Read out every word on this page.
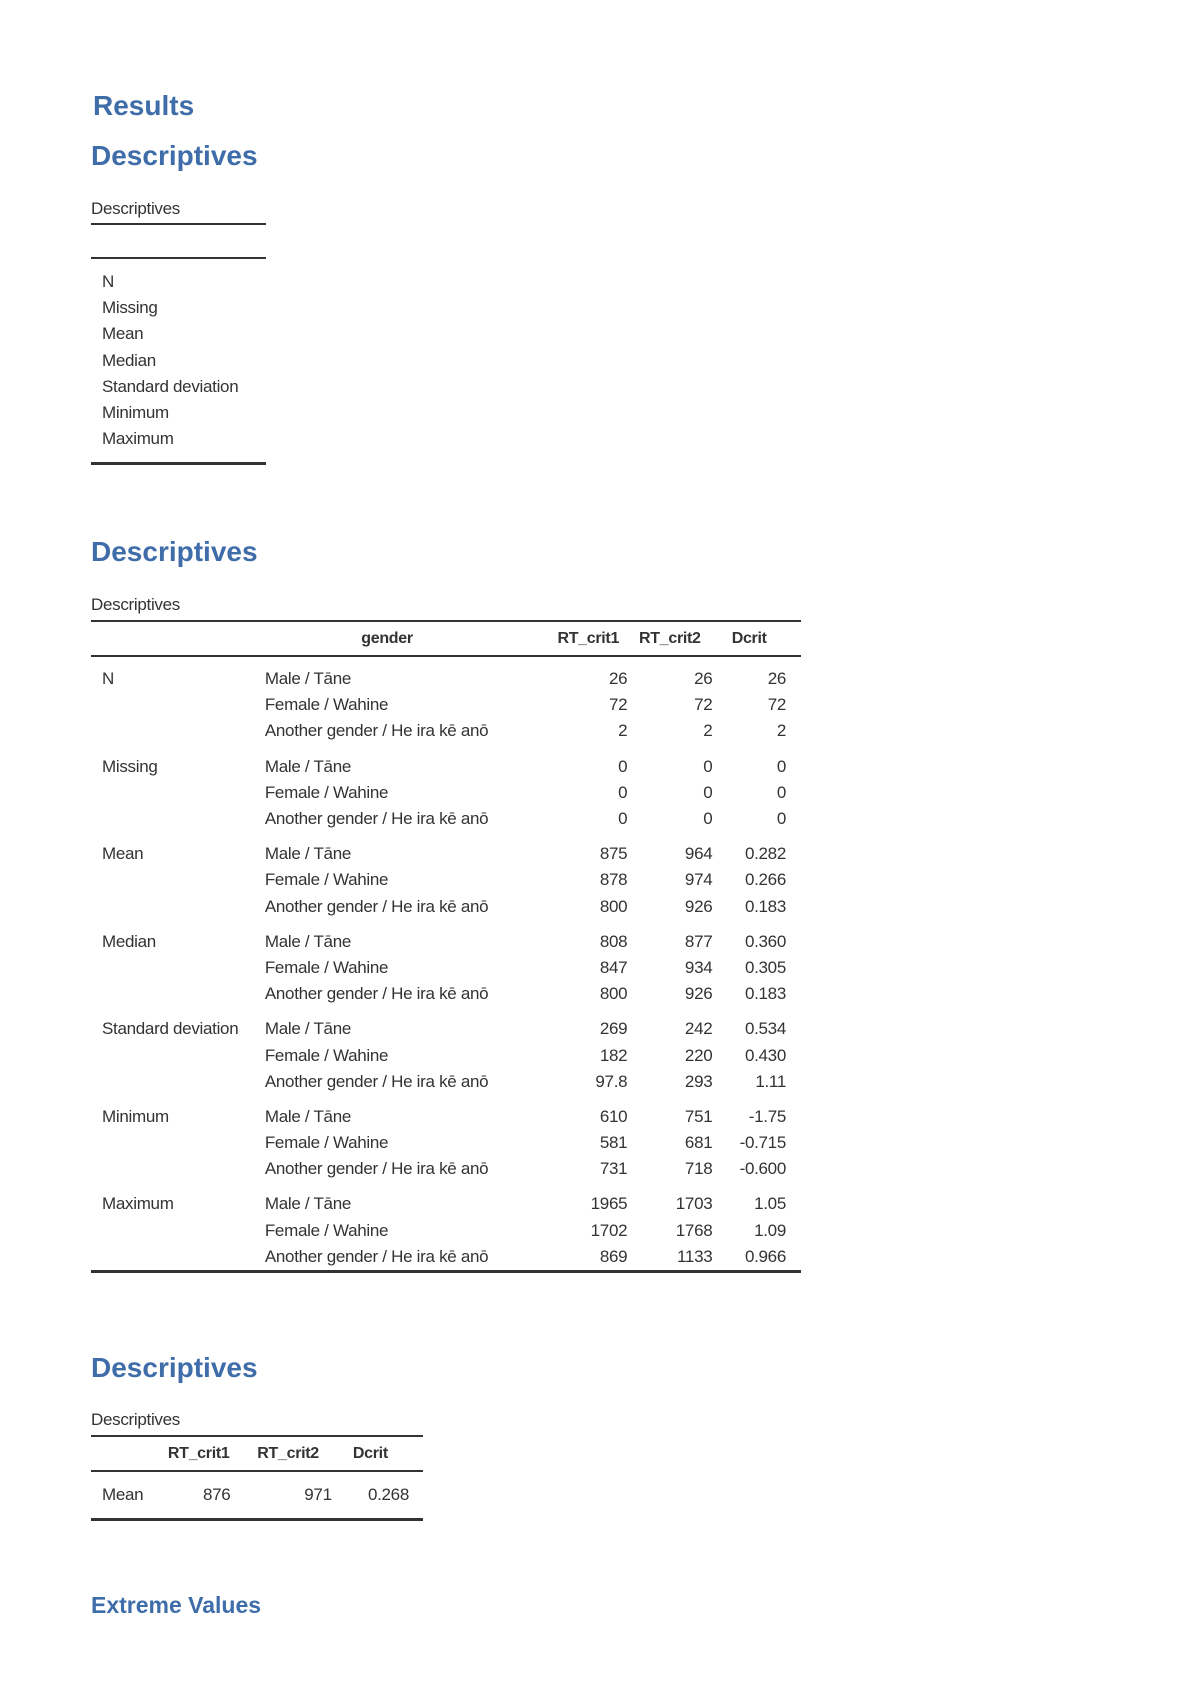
Results
Descriptives
Descriptives

N
Missing
Mean
Median
Standard deviation
Minimum
Maximum
Descriptives
Descriptives
	gender	RT_crit1	RT_crit2	Dcrit
N	Male / Tāne	26	26	26
	Female / Wahine	72	72	72
	Another gender / He ira kē anō	2	2	2
Missing	Male / Tāne	0	0	0
	Female / Wahine	0	0	0
	Another gender / He ira kē anō	0	0	0
Mean	Male / Tāne	875	964	0.282
	Female / Wahine	878	974	0.266
	Another gender / He ira kē anō	800	926	0.183
Median	Male / Tāne	808	877	0.360
	Female / Wahine	847	934	0.305
	Another gender / He ira kē anō	800	926	0.183
Standard deviation	Male / Tāne	269	242	0.534
	Female / Wahine	182	220	0.430
	Another gender / He ira kē anō	97.8	293	1.11
Minimum	Male / Tāne	610	751	-1.75
	Female / Wahine	581	681	-0.715
	Another gender / He ira kē anō	731	718	-0.600
Maximum	Male / Tāne	1965	1703	1.05
	Female / Wahine	1702	1768	1.09
	Another gender / He ira kē anō	869	1133	0.966
Descriptives
Descriptives
	RT_crit1	RT_crit2	Dcrit
Mean	876	971	0.268
Extreme Values
